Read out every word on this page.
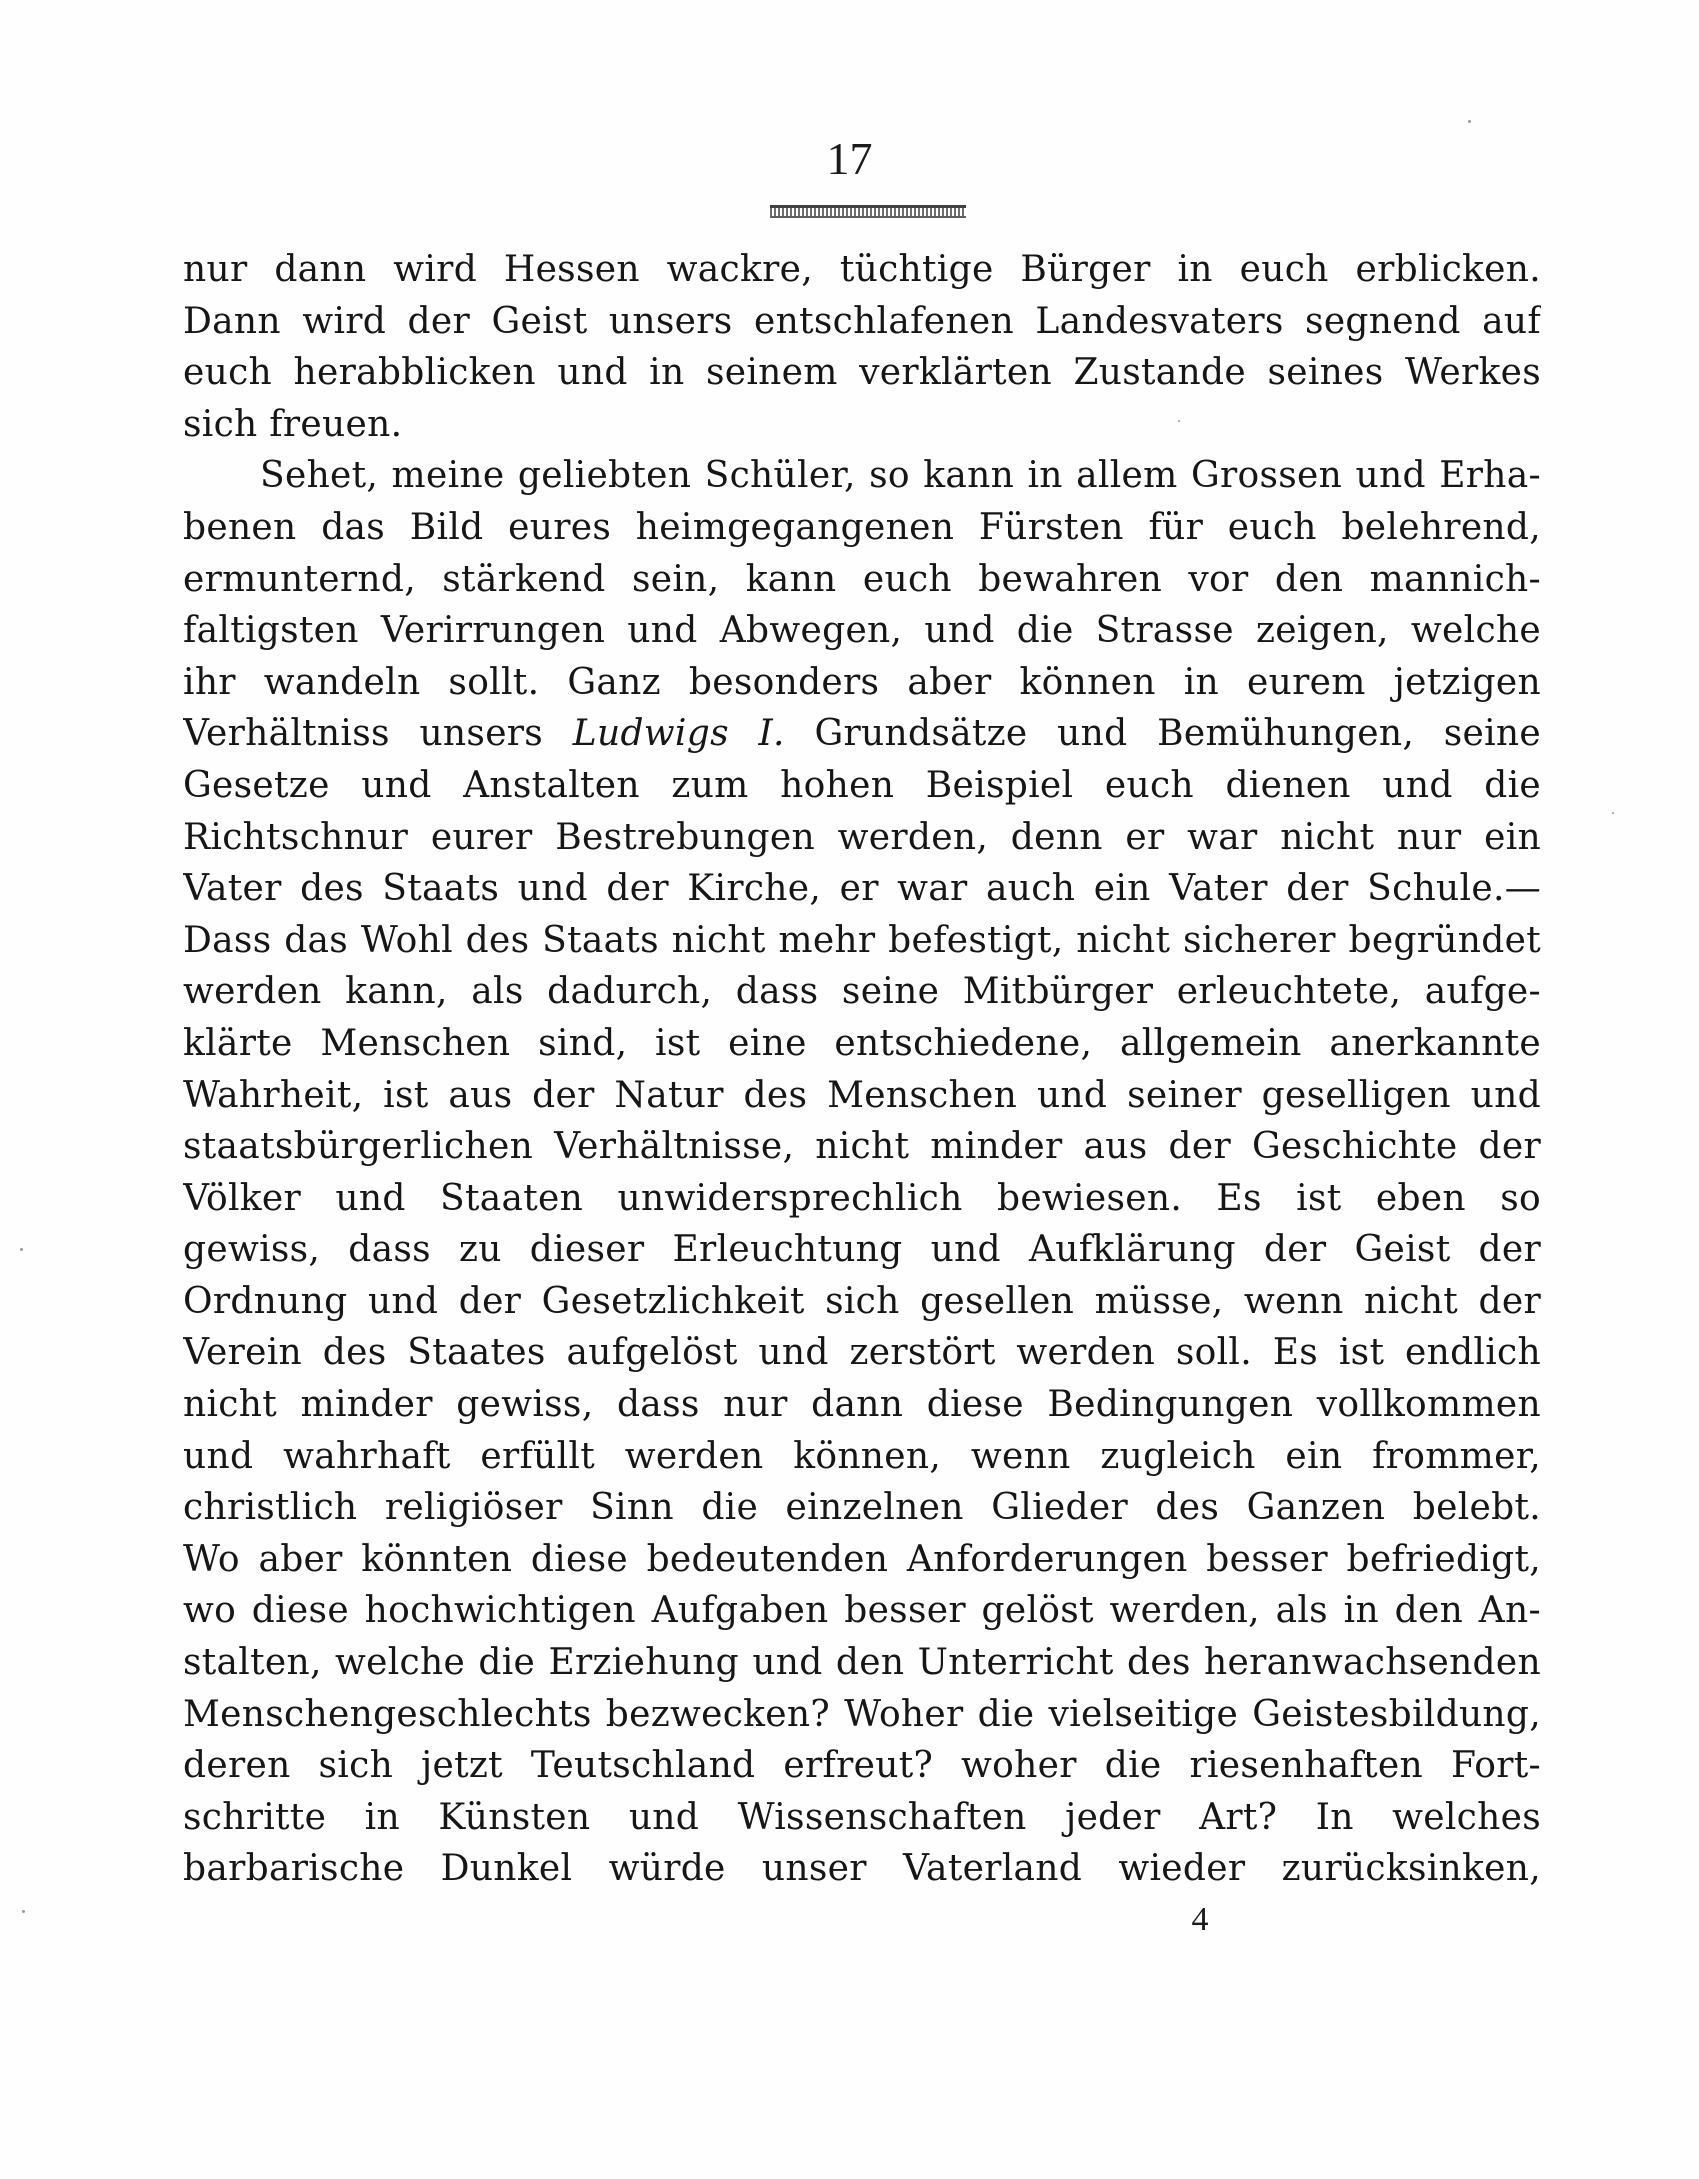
17
nur dann wird Hessen wackre, tüchtige Bürger in euch erblicken.
Dann wird der Geist unsers entschlafenen Landesvaters segnend auf
euch herabblicken und in seinem verklärten Zustande seines Werkes
sich freuen.
Sehet, meine geliebten Schüler, so kann in allem Grossen und Erha-
benen das Bild eures heimgegangenen Fürsten für euch belehrend,
ermunternd, stärkend sein, kann euch bewahren vor den mannich-
faltigsten Verirrungen und Abwegen, und die Strasse zeigen, welche
ihr wandeln sollt. Ganz besonders aber können in eurem jetzigen
Verhältniss unsers Ludwigs I. Grundsätze und Bemühungen, seine
Gesetze und Anstalten zum hohen Beispiel euch dienen und die
Richtschnur eurer Bestrebungen werden, denn er war nicht nur ein
Vater des Staats und der Kirche, er war auch ein Vater der Schule.—
Dass das Wohl des Staats nicht mehr befestigt, nicht sicherer begründet
werden kann, als dadurch, dass seine Mitbürger erleuchtete, aufge-
klärte Menschen sind, ist eine entschiedene, allgemein anerkannte
Wahrheit, ist aus der Natur des Menschen und seiner geselligen und
staatsbürgerlichen Verhältnisse, nicht minder aus der Geschichte der
Völker und Staaten unwidersprechlich bewiesen. Es ist eben so
gewiss, dass zu dieser Erleuchtung und Aufklärung der Geist der
Ordnung und der Gesetzlichkeit sich gesellen müsse, wenn nicht der
Verein des Staates aufgelöst und zerstört werden soll. Es ist endlich
nicht minder gewiss, dass nur dann diese Bedingungen vollkommen
und wahrhaft erfüllt werden können, wenn zugleich ein frommer,
christlich religiöser Sinn die einzelnen Glieder des Ganzen belebt.
Wo aber könnten diese bedeutenden Anforderungen besser befriedigt,
wo diese hochwichtigen Aufgaben besser gelöst werden, als in den An-
stalten, welche die Erziehung und den Unterricht des heranwachsenden
Menschengeschlechts bezwecken? Woher die vielseitige Geistesbildung,
deren sich jetzt Teutschland erfreut? woher die riesenhaften Fort-
schritte in Künsten und Wissenschaften jeder Art? In welches
barbarische Dunkel würde unser Vaterland wieder zurücksinken,
4
